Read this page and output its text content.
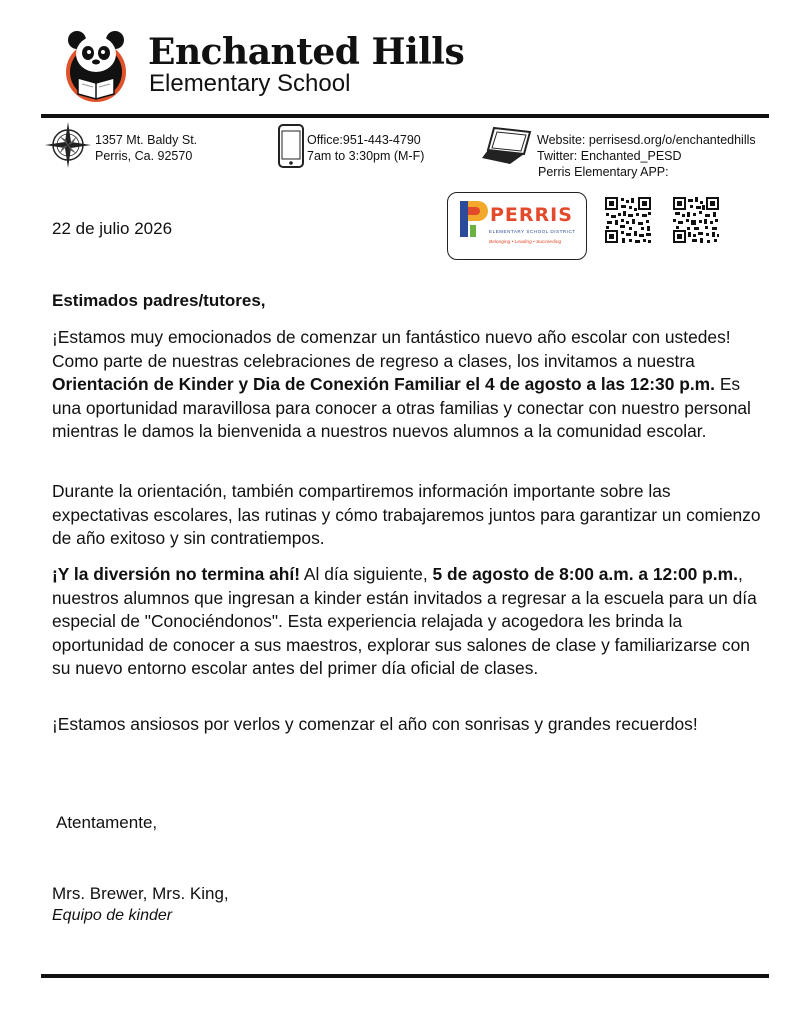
Enchanted Hills
Elementary School
1357 Mt. Baldy St.
Perris, Ca. 92570
Office:951-443-4790
7am to 3:30pm (M-F)
Website: perrisesd.org/o/enchantedhills
Twitter: Enchanted_PESD
Perris Elementary APP:
PERRIS
ELEMENTARY SCHOOL DISTRICT
Belonging • Leading • Succeeding
22 de julio 2026
Estimados padres/tutores,
¡Estamos muy emocionados de comenzar un fantástico nuevo año escolar con ustedes! Como parte de nuestras celebraciones de regreso a clases, los invitamos a nuestra Orientación de Kinder y Dia de Conexión Familiar el 4 de agosto a las 12:30 p.m. Es una oportunidad maravillosa para conocer a otras familias y conectar con nuestro personal mientras le damos la bienvenida a nuestros nuevos alumnos a la comunidad escolar.
Durante la orientación, también compartiremos información importante sobre las expectativas escolares, las rutinas y cómo trabajaremos juntos para garantizar un comienzo de año exitoso y sin contratiempos.
¡Y la diversión no termina ahí! Al día siguiente, 5 de agosto de 8:00 a.m. a 12:00 p.m., nuestros alumnos que ingresan a kinder están invitados a regresar a la escuela para un día especial de "Conociéndonos". Esta experiencia relajada y acogedora les brinda la oportunidad de conocer a sus maestros, explorar sus salones de clase y familiarizarse con su nuevo entorno escolar antes del primer día oficial de clases.
¡Estamos ansiosos por verlos y comenzar el año con sonrisas y grandes recuerdos!
Atentamente,
Mrs. Brewer, Mrs. King,
Equipo de kinder
